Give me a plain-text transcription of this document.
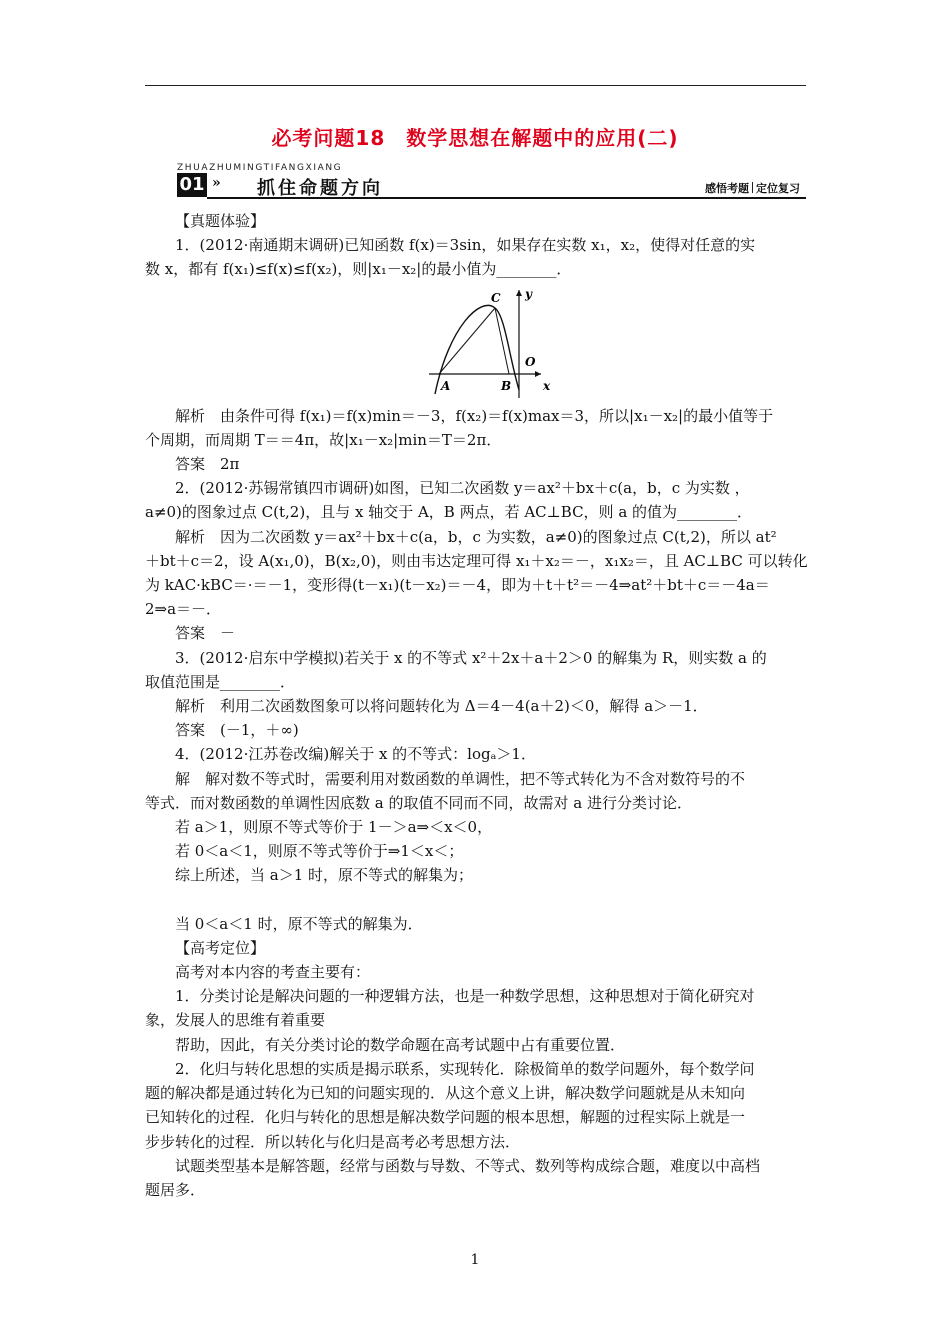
必考问题18　数学思想在解题中的应用(二)
ZHUAZHUMINGTIFANGXIANG
01 » 抓住命题方向	感悟考题 定位复习

【真题体验】

1．(2012·南通期末调研)已知函数 f(x)＝3sin，如果存在实数 x₁，x₂，使得对任意的实

数 x，都有 f(x₁)≤f(x)≤f(x₂)，则|x₁－x₂|的最小值为________．

C y
O
A	B	x

解析　由条件可得 f(x₁)＝f(x)min＝－3，f(x₂)＝f(x)max＝3，所以|x₁－x₂|的最小值等于

个周期，而周期 T＝＝4π，故|x₁－x₂|min＝T＝2π．

答案　2π

2．(2012·苏锡常镇四市调研)如图，已知二次函数 y＝ax²＋bx＋c(a，b，c 为实数 ，

a≠0)的图象过点 C(t,2)，且与 x 轴交于 A，B 两点，若 AC⊥BC，则 a 的值为________．

解析　因为二次函数 y＝ax²＋bx＋c(a，b，c 为实数，a≠0)的图象过点 C(t,2)，所以 at²

＋bt＋c＝2，设 A(x₁,0)，B(x₂,0)，则由韦达定理可得 x₁＋x₂＝－，x₁x₂＝，且 AC⊥BC 可以转化

为 kAC·kBC＝·＝－1，变形得(t－x₁)(t－x₂)＝－4，即为＋t＋t²＝－4⇒at²＋bt＋c＝－4a＝

2⇒a＝－．

答案　－

3．(2012·启东中学模拟)若关于 x 的不等式 x²＋2x＋a＋2＞0 的解集为 R，则实数 a 的

取值范围是________．

解析　利用二次函数图象可以将问题转化为 Δ＝4－4(a＋2)＜0，解得 a＞－1．

答案　(－1，＋∞)

4．(2012·江苏卷改编)解关于 x 的不等式：logₐ＞1．

解　解对数不等式时，需要利用对数函数的单调性，把不等式转化为不含对数符号的不

等式．而对数函数的单调性因底数 a 的取值不同而不同，故需对 a 进行分类讨论．

若 a＞1，则原不等式等价于 1－＞a⇒＜x＜0，

若 0＜a＜1，则原不等式等价于⇒1＜x＜；

综上所述，当 a＞1 时，原不等式的解集为；

当 0＜a＜1 时，原不等式的解集为．

【高考定位】

高考对本内容的考查主要有：

1．分类讨论是解决问题的一种逻辑方法，也是一种数学思想，这种思想对于简化研究对

象，发展人的思维有着重要

帮助，因此，有关分类讨论的数学命题在高考试题中占有重要位置．

2．化归与转化思想的实质是揭示联系，实现转化．除极简单的数学问题外，每个数学问

题的解决都是通过转化为已知的问题实现的．从这个意义上讲，解决数学问题就是从未知向

已知转化的过程．化归与转化的思想是解决数学问题的根本思想，解题的过程实际上就是一

步步转化的过程．所以转化与化归是高考必考思想方法．

试题类型基本是解答题，经常与函数与导数、不等式、数列等构成综合题，难度以中高档

题居多．

1
